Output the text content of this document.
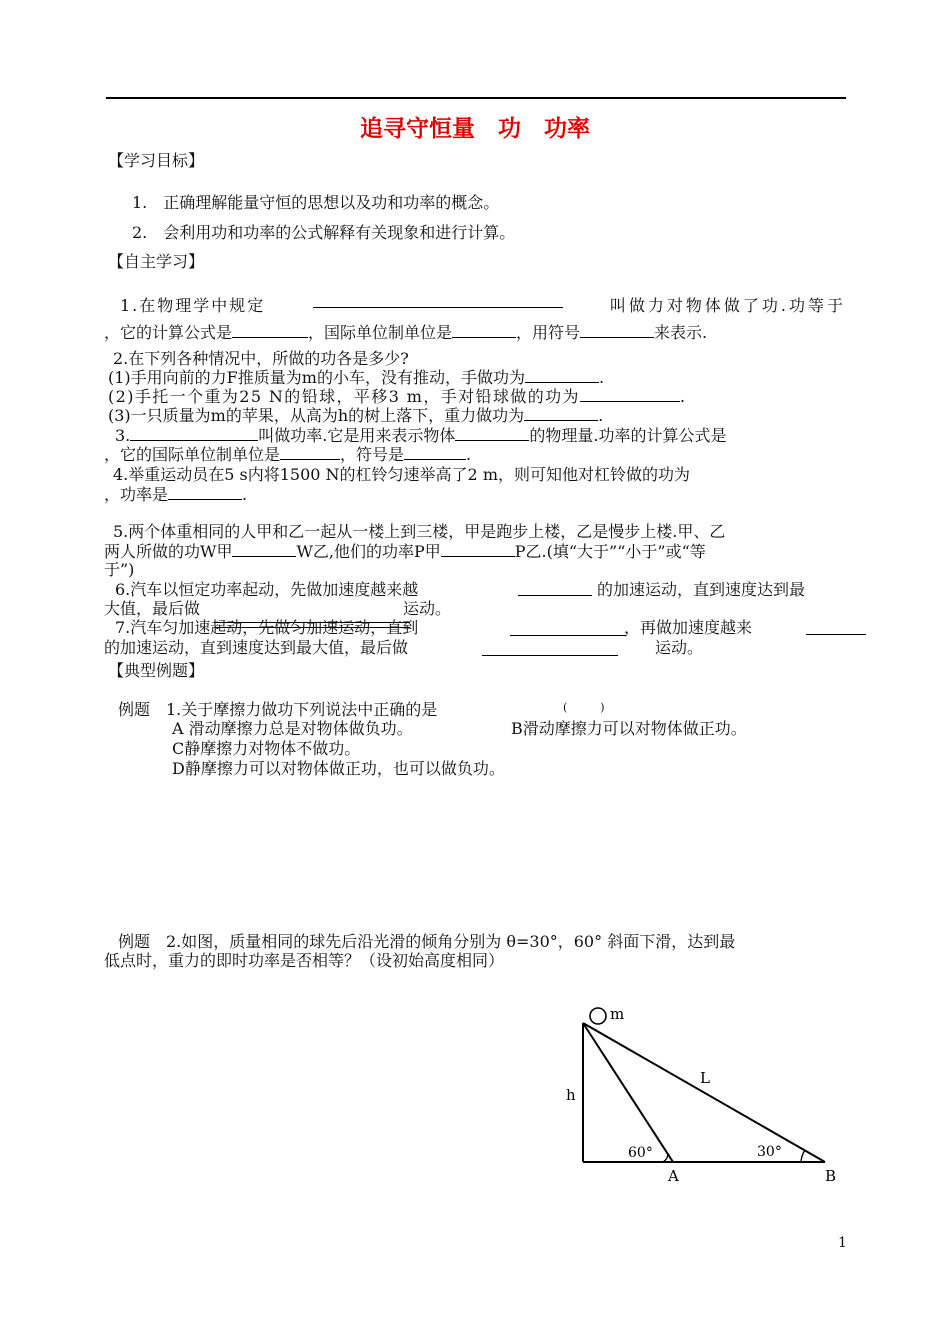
追寻守恒量　功　功率
【学习目标】
1.　正确理解能量守恒的思想以及功和功率的概念。
2.　会利用功和功率的公式解释有关现象和进行计算。
【自主学习】
1.在物理学中规定	叫做力对物体做了功.功等于
，它的计算公式是	，国际单位制单位是	，用符号	来表示.
2.在下列各种情况中，所做的功各是多少?
(1)手用向前的力F推质量为m的小车，没有推动，手做功为	.
(2)手托一个重为25 N的铅球，平移3 m，手对铅球做的功为	.
(3)一只质量为m的苹果，从高为h的树上落下，重力做功为	.
3.	叫做功率.它是用来表示物体	的物理量.功率的计算公式是
，它的国际单位制单位是	，符号是	.
4.举重运动员在5 s内将1500 N的杠铃匀速举高了2 m，则可知他对杠铃做的功为
，功率是	.
5.两个体重相同的人甲和乙一起从一楼上到三楼，甲是跑步上楼，乙是慢步上楼.甲、乙
两人所做的功W甲	W乙,他们的功率P甲	P乙.(填“大于”“小于”或“等
于”)
6.汽车以恒定功率起动，先做加速度越来越	的加速运动，直到速度达到最
大值，最后做	运动。
7.汽车匀加速起动，先做匀加速运动，直到	，再做加速度越来
的加速运动，直到速度达到最大值，最后做	运动。
【典型例题】
例题　1.关于摩擦力做功下列说法中正确的是	(　　　)
A 滑动摩擦力总是对物体做负功。	B滑动摩擦力可以对物体做正功。
C静摩擦力对物体不做功。
D静摩擦力可以对物体做正功，也可以做负功。
例题　2.如图，质量相同的球先后沿光滑的倾角分别为 θ=30°，60° 斜面下滑，达到最
低点时，重力的即时功率是否相等？（设初始高度相同）
m
h
L
60°	30°
A	B
1
